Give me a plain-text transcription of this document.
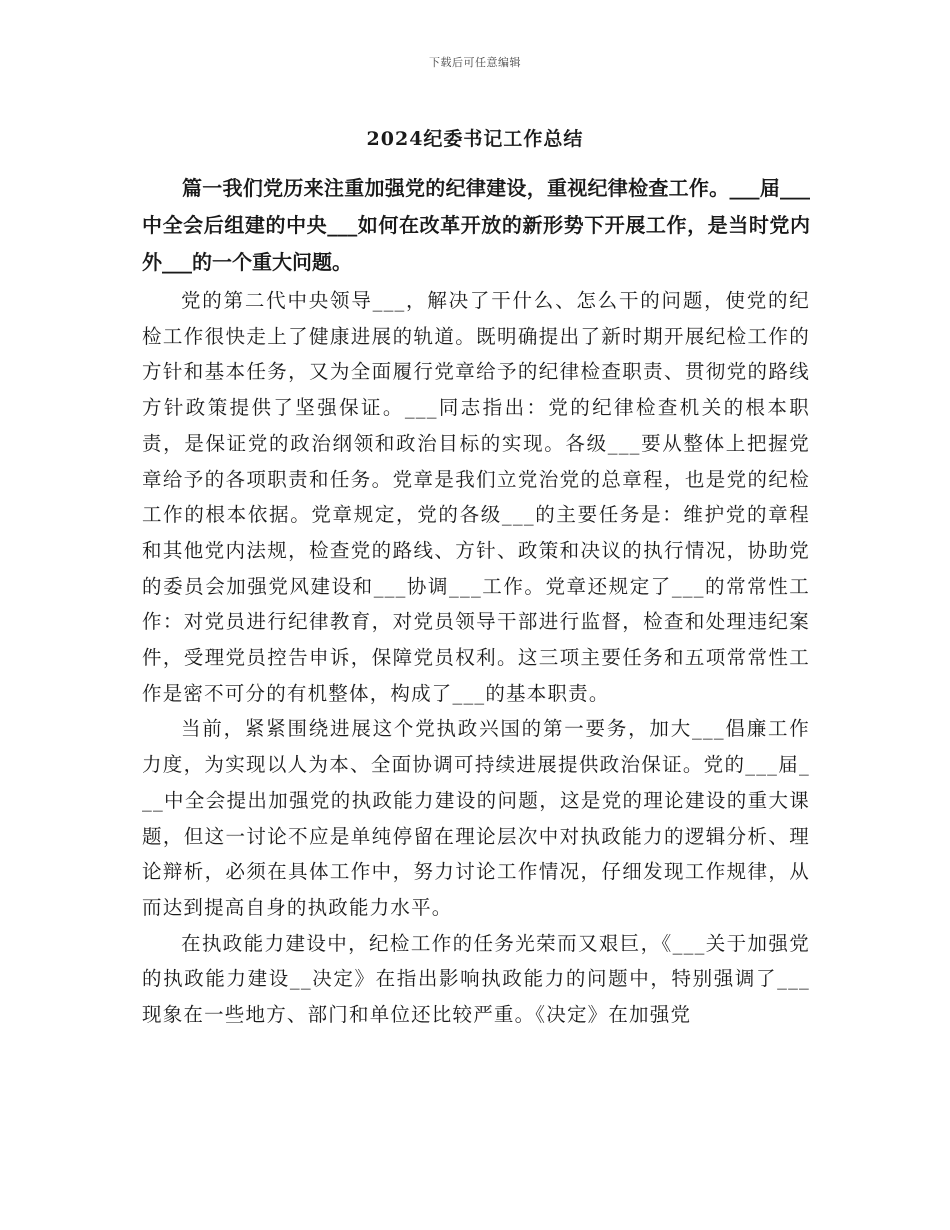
下载后可任意编辑
2024纪委书记工作总结

篇一我们党历来注重加强党的纪律建设，重视纪律检查工作。___届___中全会后组建的中央___如何在改革开放的新形势下开展工作，是当时党内外___的一个重大问题。

党的第二代中央领导___，解决了干什么、怎么干的问题，使党的纪检工作很快走上了健康进展的轨道。既明确提出了新时期开展纪检工作的方针和基本任务，又为全面履行党章给予的纪律检查职责、贯彻党的路线方针政策提供了坚强保证。___同志指出：党的纪律检查机关的根本职责，是保证党的政治纲领和政治目标的实现。各级___要从整体上把握党章给予的各项职责和任务。党章是我们立党治党的总章程，也是党的纪检工作的根本依据。党章规定，党的各级___的主要任务是：维护党的章程和其他党内法规，检查党的路线、方针、政策和决议的执行情况，协助党的委员会加强党风建设和___协调___工作。党章还规定了___的常常性工作：对党员进行纪律教育，对党员领导干部进行监督，检查和处理违纪案件，受理党员控告申诉，保障党员权利。这三项主要任务和五项常常性工作是密不可分的有机整体，构成了___的基本职责。

当前，紧紧围绕进展这个党执政兴国的第一要务，加大___倡廉工作力度，为实现以人为本、全面协调可持续进展提供政治保证。党的___届___中全会提出加强党的执政能力建设的问题，这是党的理论建设的重大课题，但这一讨论不应是单纯停留在理论层次中对执政能力的逻辑分析、理论辩析，必须在具体工作中，努力讨论工作情况，仔细发现工作规律，从而达到提高自身的执政能力水平。

在执政能力建设中，纪检工作的任务光荣而又艰巨，《___关于加强党的执政能力建设__决定》在指出影响执政能力的问题中，特别强调了___现象在一些地方、部门和单位还比较严重。《决定》在加强党
